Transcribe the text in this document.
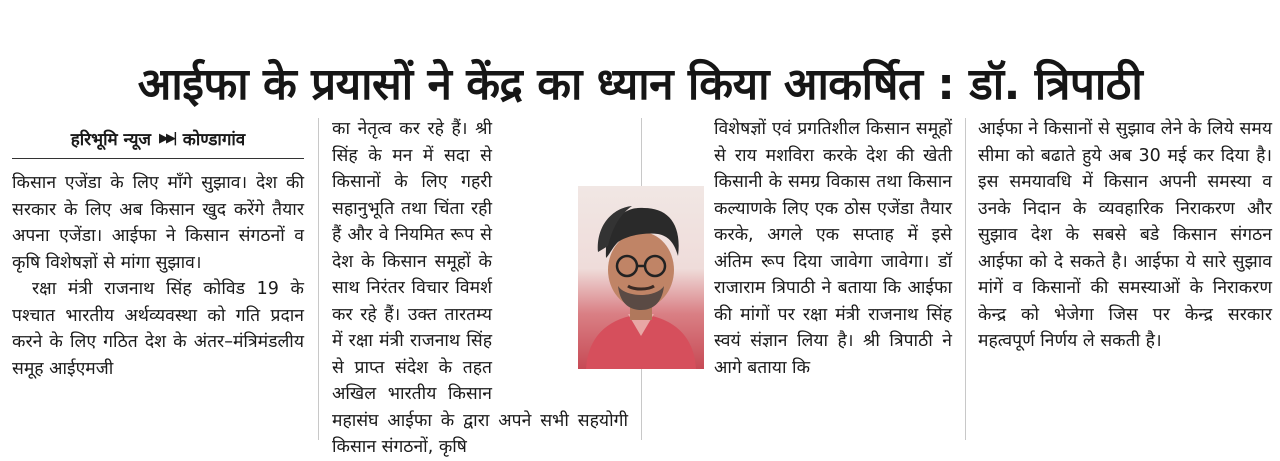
आईफा के प्रयासों ने केंद्र का ध्यान किया आकर्षित : डॉ. त्रिपाठी
हरिभूमि न्यूज ▶▶| कोण्डागांव

किसान एजेंडा के लिए माँगे सुझाव। देश की सरकार के लिए अब किसान खुद करेंगे तैयार अपना एजेंडा। आईफा ने किसान संगठनों व कृषि विशेषज्ञों से मांगा सुझाव।

रक्षा मंत्री राजनाथ सिंह कोविड 19 के पश्चात भारतीय अर्थव्यवस्था को गति प्रदान करने के लिए गठित देश के अंतर–मंत्रिमंडलीय समूह आईएमजी

का नेतृत्व कर रहे हैं। श्री सिंह के मन में सदा से किसानों के लिए गहरी सहानुभूति तथा चिंता रही हैं और वे नियमित रूप से देश के किसान समूहों के साथ निरंतर विचार विमर्श कर रहे हैं। उक्त तारतम्य में रक्षा मंत्री राजनाथ सिंह से प्राप्त संदेश के तहत अखिल भारतीय किसान महासंघ आईफा के द्वारा अपने सभी सहयोगी किसान संगठनों, कृषि

विशेषज्ञों एवं प्रगतिशील किसान समूहों से राय मशविरा करके देश की खेती किसानी के समग्र विकास तथा किसान कल्याणके लिए एक ठोस एजेंडा तैयार करके, अगले एक सप्ताह में इसे अंतिम रूप दिया जावेगा जावेगा। डॉ राजाराम त्रिपाठी ने बताया कि आईफा की मांगों पर रक्षा मंत्री राजनाथ सिंह स्वयं संज्ञान लिया है। श्री त्रिपाठी ने आगे बताया कि

आईफा ने किसानों से सुझाव लेने के लिये समय सीमा को बढाते हुये अब 30 मई कर दिया है। इस समयावधि में किसान अपनी समस्या व उनके निदान के व्यवहारिक निराकरण और सुझाव देश के सबसे बडे किसान संगठन आईफा को दे सकते है। आईफा ये सारे सुझाव मांगें व किसानों की समस्याओं के निराकरण केन्द्र को भेजेगा जिस पर केन्द्र सरकार महत्वपूर्ण निर्णय ले सकती है।
